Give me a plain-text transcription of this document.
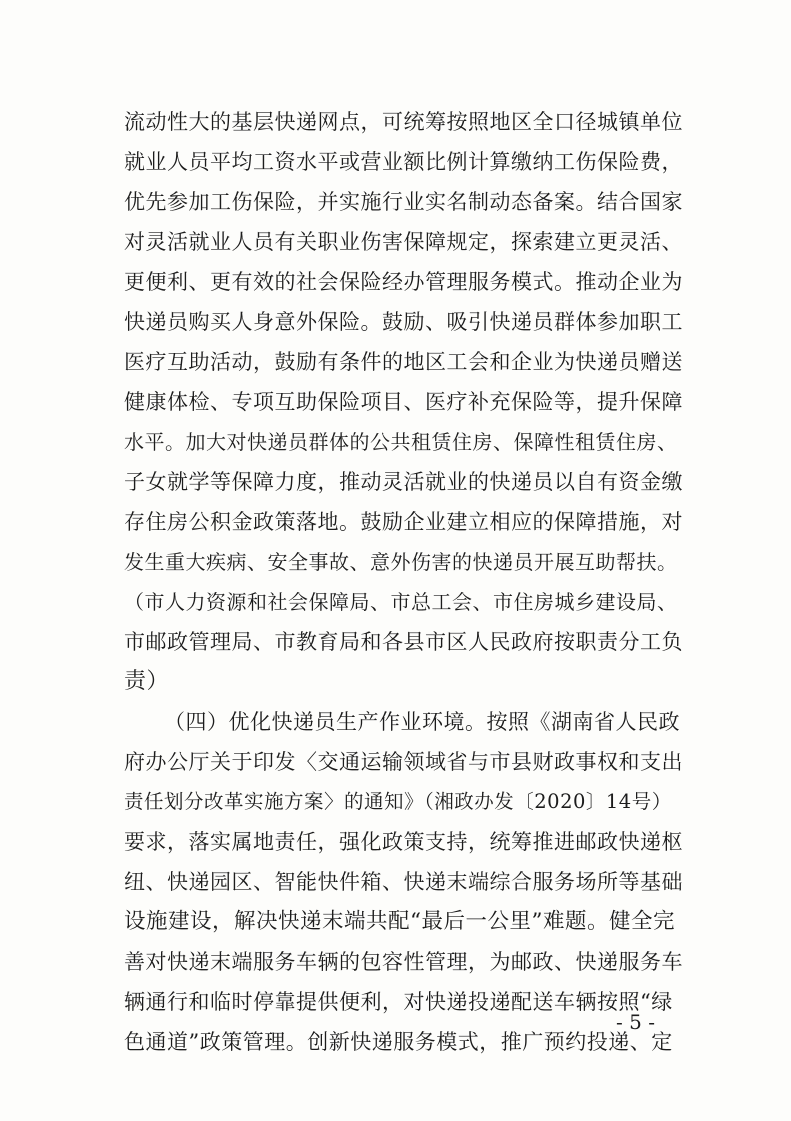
流动性大的基层快递网点，可统筹按照地区全口径城镇单位
就业人员平均工资水平或营业额比例计算缴纳工伤保险费，
优先参加工伤保险，并实施行业实名制动态备案。结合国家
对灵活就业人员有关职业伤害保障规定，探索建立更灵活、
更便利、更有效的社会保险经办管理服务模式。推动企业为
快递员购买人身意外保险。鼓励、吸引快递员群体参加职工
医疗互助活动，鼓励有条件的地区工会和企业为快递员赠送
健康体检、专项互助保险项目、医疗补充保险等，提升保障
水平。加大对快递员群体的公共租赁住房、保障性租赁住房、
子女就学等保障力度，推动灵活就业的快递员以自有资金缴
存住房公积金政策落地。鼓励企业建立相应的保障措施，对
发生重大疾病、安全事故、意外伤害的快递员开展互助帮扶。
（市人力资源和社会保障局、市总工会、市住房城乡建设局、
市邮政管理局、市教育局和各县市区人民政府按职责分工负
责）
（四）优化快递员生产作业环境。按照《湖南省人民政
府办公厅关于印发〈交通运输领域省与市县财政事权和支出
责任划分改革实施方案〉的通知》（湘政办发〔2020〕14号）
要求，落实属地责任，强化政策支持，统筹推进邮政快递枢
纽、快递园区、智能快件箱、快递末端综合服务场所等基础
设施建设，解决快递末端共配“最后一公里”难题。健全完
善对快递末端服务车辆的包容性管理，为邮政、快递服务车
辆通行和临时停靠提供便利，对快递投递配送车辆按照“绿
色通道”政策管理。创新快递服务模式，推广预约投递、定
- 5 -
